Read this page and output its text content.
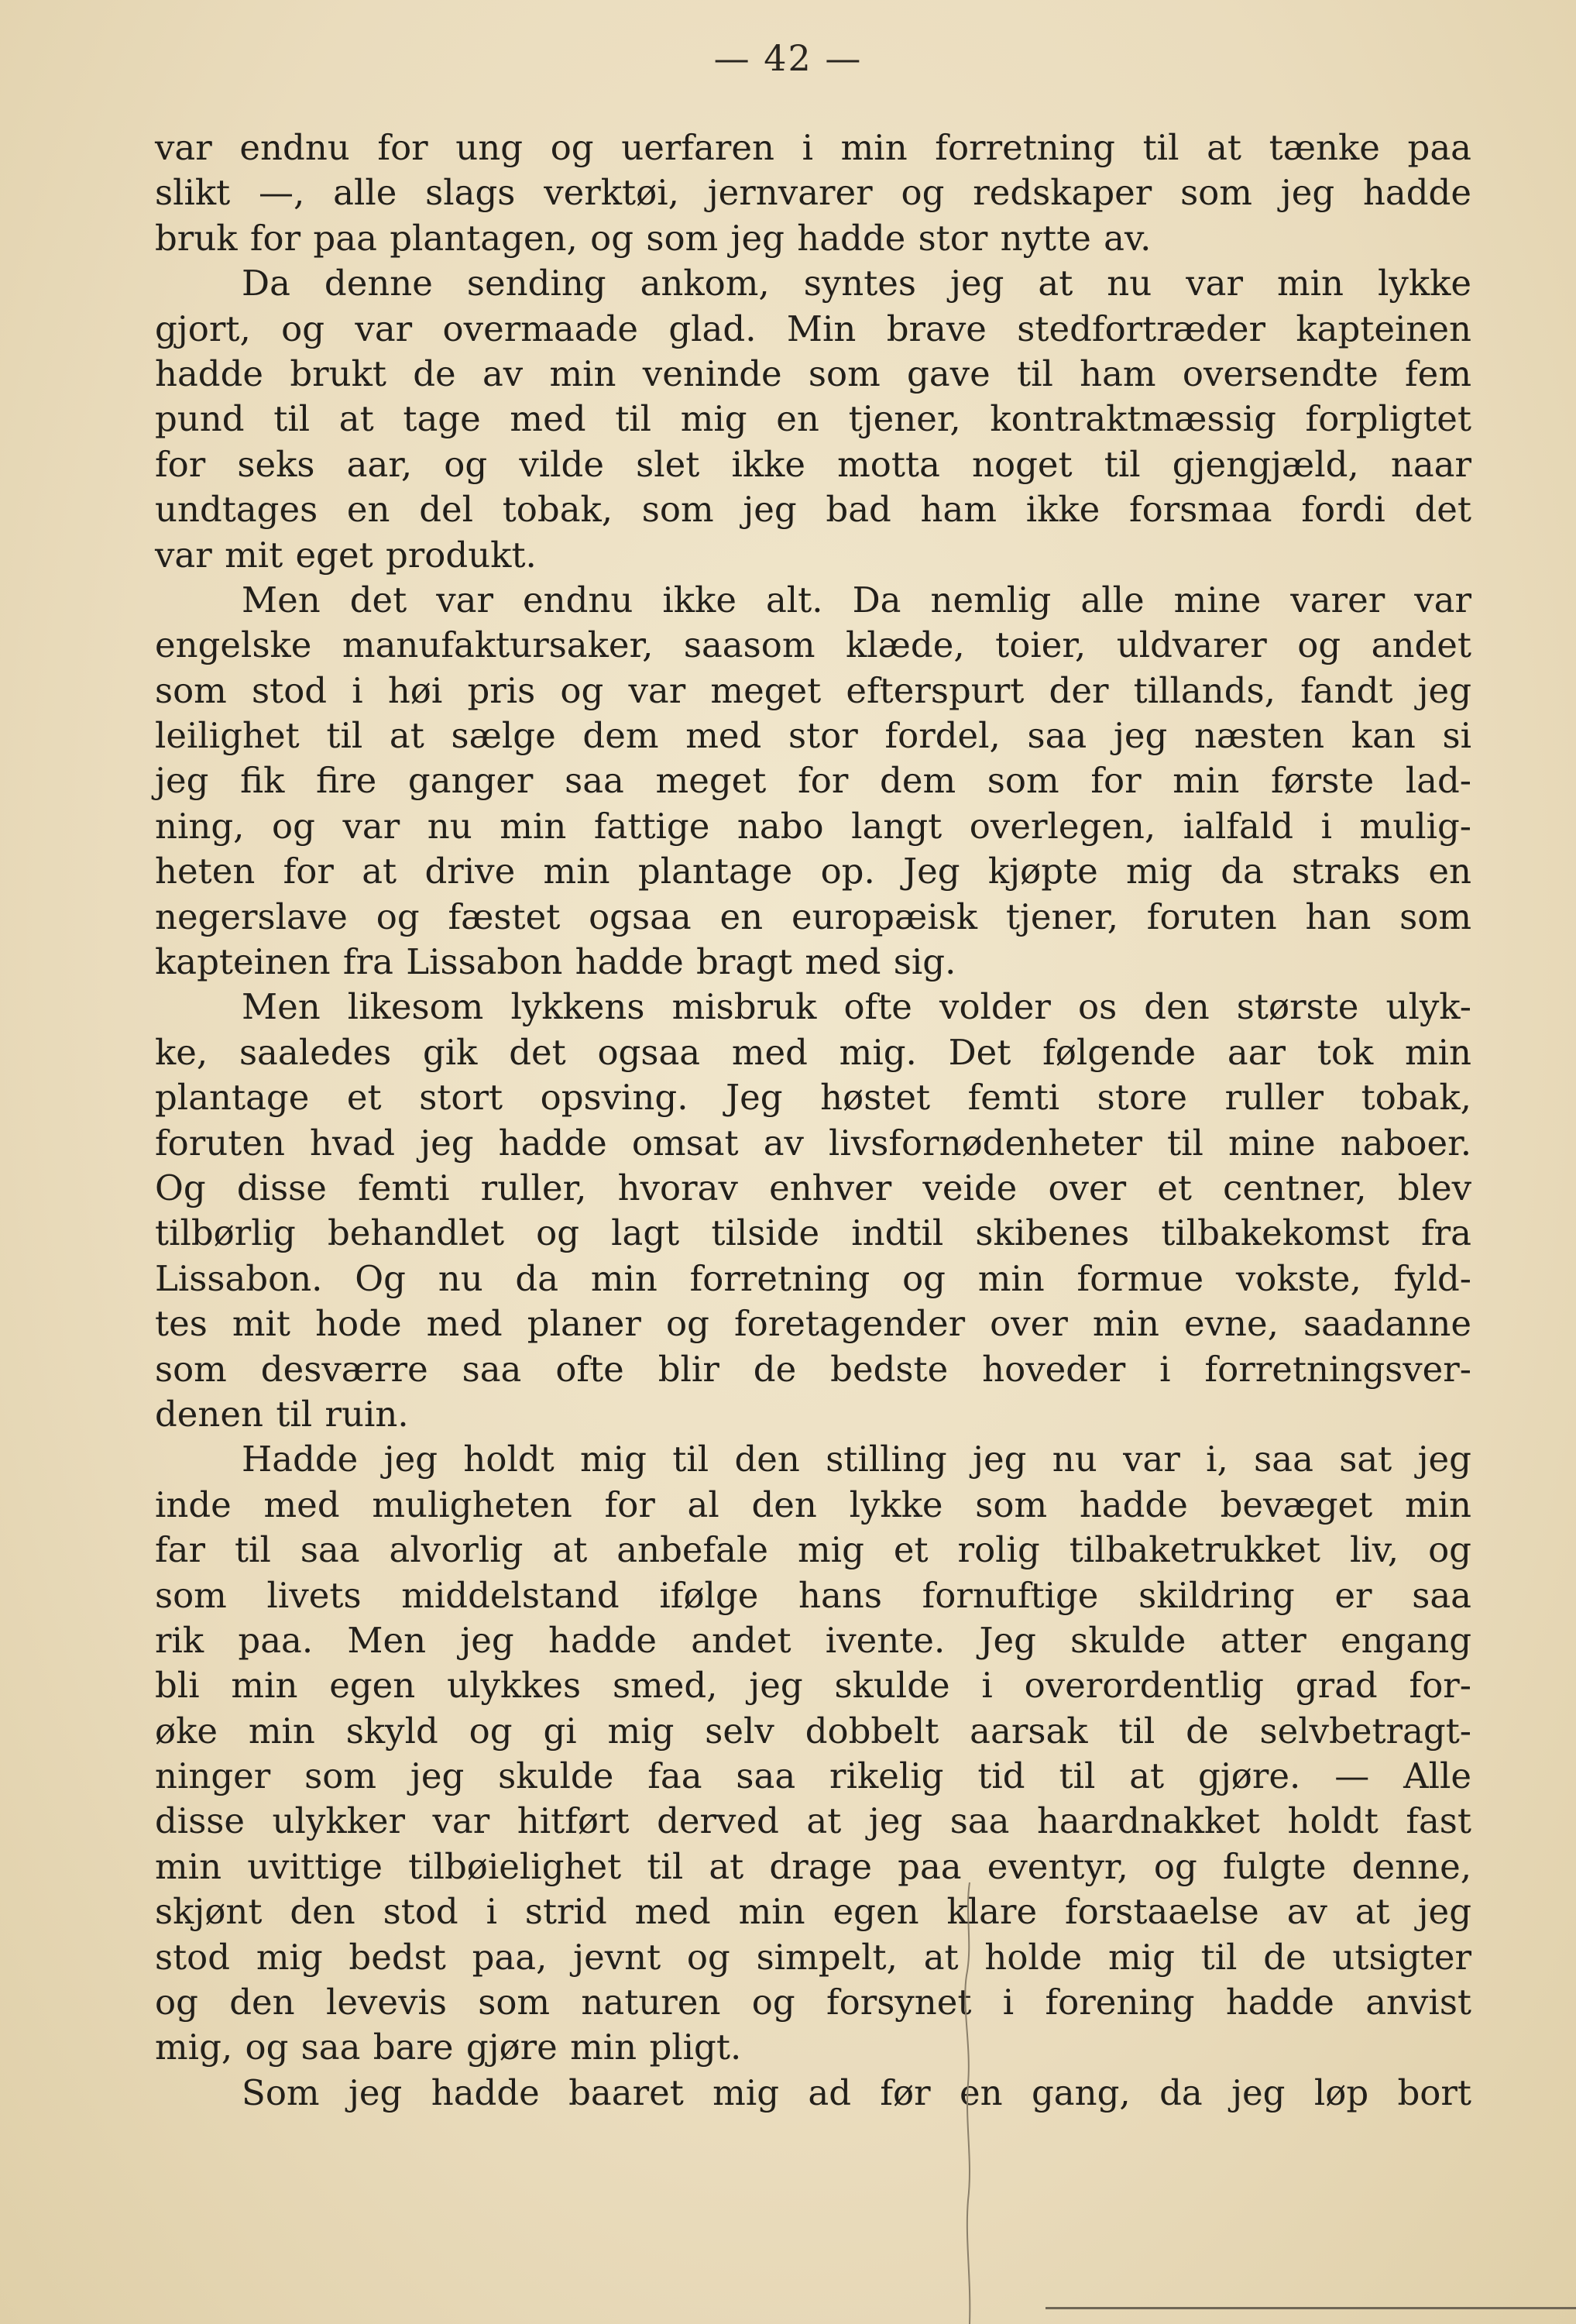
— 42 —
var endnu for ung og uerfaren i min forretning til at tænke paa
slikt —, alle slags verktøi, jernvarer og redskaper som jeg hadde
bruk for paa plantagen, og som jeg hadde stor nytte av.
Da denne sending ankom, syntes jeg at nu var min lykke
gjort, og var overmaade glad. Min brave stedfortræder kapteinen
hadde brukt de av min veninde som gave til ham oversendte fem
pund til at tage med til mig en tjener, kontraktmæssig forpligtet
for seks aar, og vilde slet ikke motta noget til gjengjæld, naar
undtages en del tobak, som jeg bad ham ikke forsmaa fordi det
var mit eget produkt.
Men det var endnu ikke alt. Da nemlig alle mine varer var
engelske manufaktursaker, saasom klæde, toier, uldvarer og andet
som stod i høi pris og var meget efterspurt der tillands, fandt jeg
leilighet til at sælge dem med stor fordel, saa jeg næsten kan si
jeg fik fire ganger saa meget for dem som for min første lad-
ning, og var nu min fattige nabo langt overlegen, ialfald i mulig-
heten for at drive min plantage op. Jeg kjøpte mig da straks en
negerslave og fæstet ogsaa en europæisk tjener, foruten han som
kapteinen fra Lissabon hadde bragt med sig.
Men likesom lykkens misbruk ofte volder os den største ulyk-
ke, saaledes gik det ogsaa med mig. Det følgende aar tok min
plantage et stort opsving. Jeg høstet femti store ruller tobak,
foruten hvad jeg hadde omsat av livsfornødenheter til mine naboer.
Og disse femti ruller, hvorav enhver veide over et centner, blev
tilbørlig behandlet og lagt tilside indtil skibenes tilbakekomst fra
Lissabon. Og nu da min forretning og min formue vokste, fyld-
tes mit hode med planer og foretagender over min evne, saadanne
som desværre saa ofte blir de bedste hoveder i forretningsver-
denen til ruin.
Hadde jeg holdt mig til den stilling jeg nu var i, saa sat jeg
inde med muligheten for al den lykke som hadde bevæget min
far til saa alvorlig at anbefale mig et rolig tilbaketrukket liv, og
som livets middelstand ifølge hans fornuftige skildring er saa
rik paa. Men jeg hadde andet ivente. Jeg skulde atter engang
bli min egen ulykkes smed, jeg skulde i overordentlig grad for-
øke min skyld og gi mig selv dobbelt aarsak til de selvbetragt-
ninger som jeg skulde faa saa rikelig tid til at gjøre. — Alle
disse ulykker var hitført derved at jeg saa haardnakket holdt fast
min uvittige tilbøielighet til at drage paa eventyr, og fulgte denne,
skjønt den stod i strid med min egen klare forstaaelse av at jeg
stod mig bedst paa, jevnt og simpelt, at holde mig til de utsigter
og den levevis som naturen og forsynet i forening hadde anvist
mig, og saa bare gjøre min pligt.
Som jeg hadde baaret mig ad før en gang, da jeg løp bort
